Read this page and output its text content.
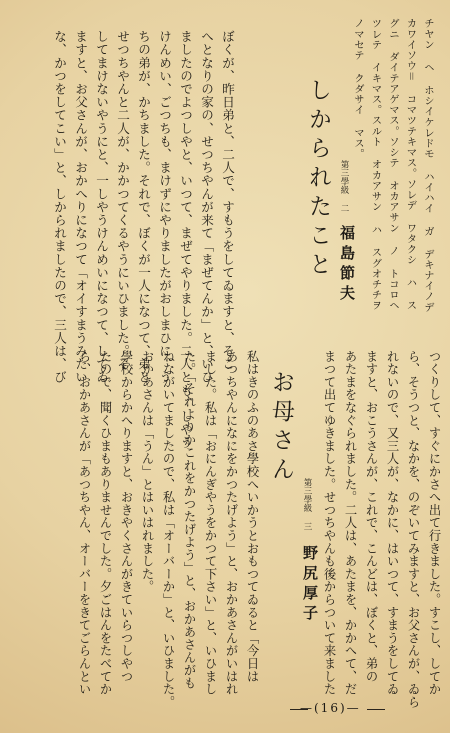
チヤン ヘ ホシイケレドモ ハイハイ ガ デキナイノデ
カワイソウ＝ コマツテキマス。ソレデ ワタクシ ハ ス
グニ ダイテアゲマス。ソシテ オカアサン ノ トコロヘ
ツレテ イキマス。スルト オカアサン ハ スグオチチヲ
ノマセテ クダサイ マス。
しかられたこと 第三學級 二
福島節夫
ぼくが、昨日弟と、二人で、すもうをしてゐますと、そこ
へとなりの家の、せつちやんが来て「まぜてんか」と、いひ
ましたのでよつしやと、いつて、まぜてやりました。二人とも、しやう
けんめい、ごつちも、まけずにやりましたがおしまひに、う
ちの弟が、かちました。それで、ぼくが一人になつて、弟と
せつちやんと二人が、かかつてくるやうにいひました。そ
してまけないやうにと、一しやうけんめいになつて、してゐ
ますと、お父さんが、おかへりになつて「オイすまうみたい
な、かつをしてこい」と、しかられましたので、三人は、び
つくりして、すぐにかさへ出て行きました。すこし、してか
ら、そうつと、なかを、のぞいてみますと、お父さんが、ゐら
れないので、又三人が、なかに、はいつて、すまうをしてゐ
ますと、おこうさんが、これで、こんどは、ぼくと、弟の
あたまをなぐられました。二人は、あたまを、かかへて、だ
まつて出てゆきました。せつちやんも後からついて来ました
お母さん
第三學級 三
野尻厚子
私はきのふのあさ學校へいかうとおもつてゐると「今日は
あつちやんになにをかつたげよう」と、おかあさんがいはれ
ました。私は「おにんぎやうをかつて下さい」と、いひまし
た。「それよりかこれをかつたげよう」と、おかあさんがも
ねながいてましたので、私は「オーバーか」と、いひました。
おかあさんは「うん」とはいはれました。
學校からかへりますと、おきやくさんがきていらつしやつ
たので、聞くひまもありませんでした。夕ごはんをたべてか
ら、おかあさんが「あつちやん、オーバーをきてごらんとい
—(16)—
